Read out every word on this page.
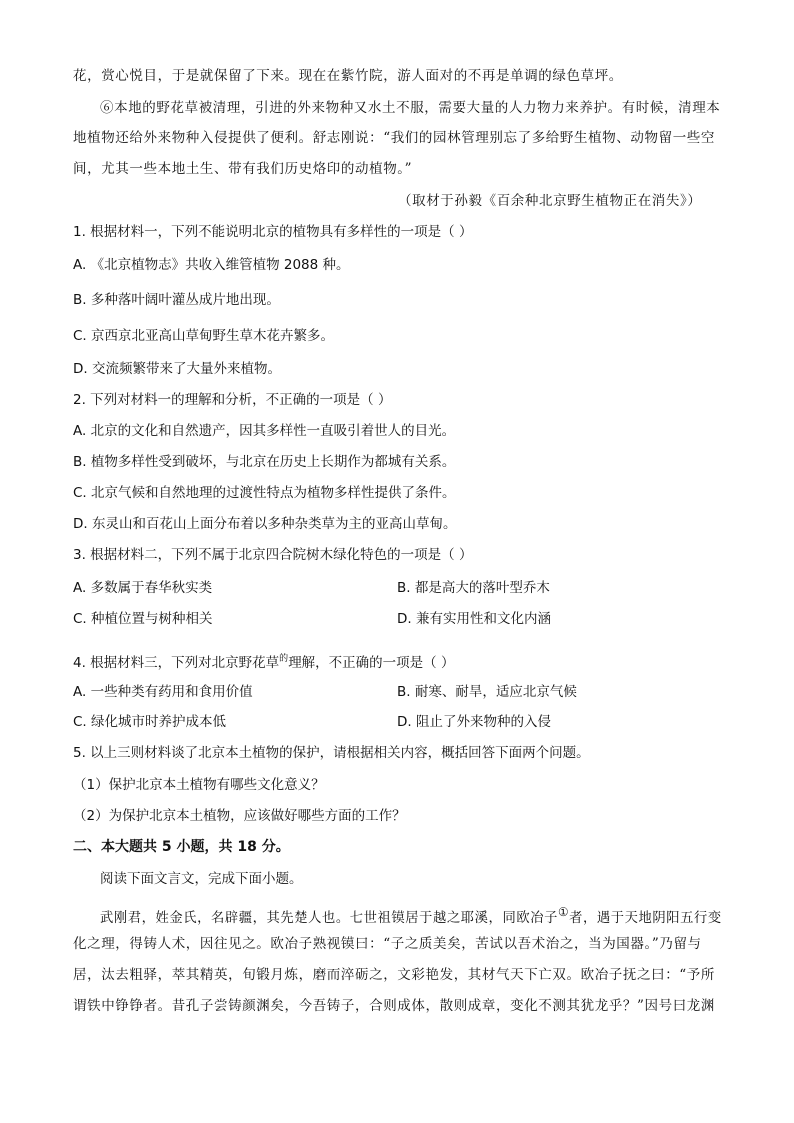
花，赏心悦目，于是就保留了下来。现在在紫竹院，游人面对的不再是单调的绿色草坪。
⑥本地的野花草被清理，引进的外来物种又水土不服，需要大量的人力物力来养护。有时候，清理本
地植物还给外来物种入侵提供了便利。舒志刚说：“我们的园林管理别忘了多给野生植物、动物留一些空
间，尤其一些本地土生、带有我们历史烙印的动植物。”
（取材于孙毅《百余种北京野生植物正在消失》）
1. 根据材料一，下列不能说明北京的植物具有多样性的一项是（ ）
A. 《北京植物志》共收入维管植物 2088 种。
B. 多种落叶阔叶灌丛成片地出现。
C. 京西京北亚高山草甸野生草木花卉繁多。
D. 交流频繁带来了大量外来植物。
2. 下列对材料一的理解和分析，不正确的一项是（ ）
A. 北京的文化和自然遗产，因其多样性一直吸引着世人的目光。
B. 植物多样性受到破坏，与北京在历史上长期作为都城有关系。
C. 北京气候和自然地理的过渡性特点为植物多样性提供了条件。
D. 东灵山和百花山上面分布着以多种杂类草为主的亚高山草甸。
3. 根据材料二，下列不属于北京四合院树木绿化特色的一项是（ ）
A. 多数属于春华秋实类	B. 都是高大的落叶型乔木
C. 种植位置与树种相关	D. 兼有实用性和文化内涵
4. 根据材料三，下列对北京野花草$^的$理解，不正确的一项是（ ）
A. 一些种类有药用和食用价值	B. 耐寒、耐旱，适应北京气候
C. 绿化城市时养护成本低	D. 阻止了外来物种的入侵
5. 以上三则材料谈了北京本土植物的保护，请根据相关内容，概括回答下面两个问题。
（1）保护北京本土植物有哪些文化意义？
（2）为保护北京本土植物，应该做好哪些方面的工作？
二、本大题共 5 小题，共 18 分。
阅读下面文言文，完成下面小题。
武刚君，姓金氏，名辟疆，其先楚人也。七世祖镆居于越之耶溪，同欧冶子①者，遇于天地阴阳五行变
化之理，得铸人术，因往见之。欧冶子熟视镆曰：“子之质美矣，苦试以吾术治之，当为国器。”乃留与
居，汰去粗驿，萃其精英，旬锻月炼，磨而淬砺之，文彩艳发，其材气天下亡双。欧冶子抚之曰：“予所
谓铁中铮铮者。昔孔子尝铸颜渊矣，今吾铸子，合则成体，散则成章，变化不测其犹龙乎？”因号曰龙渊
